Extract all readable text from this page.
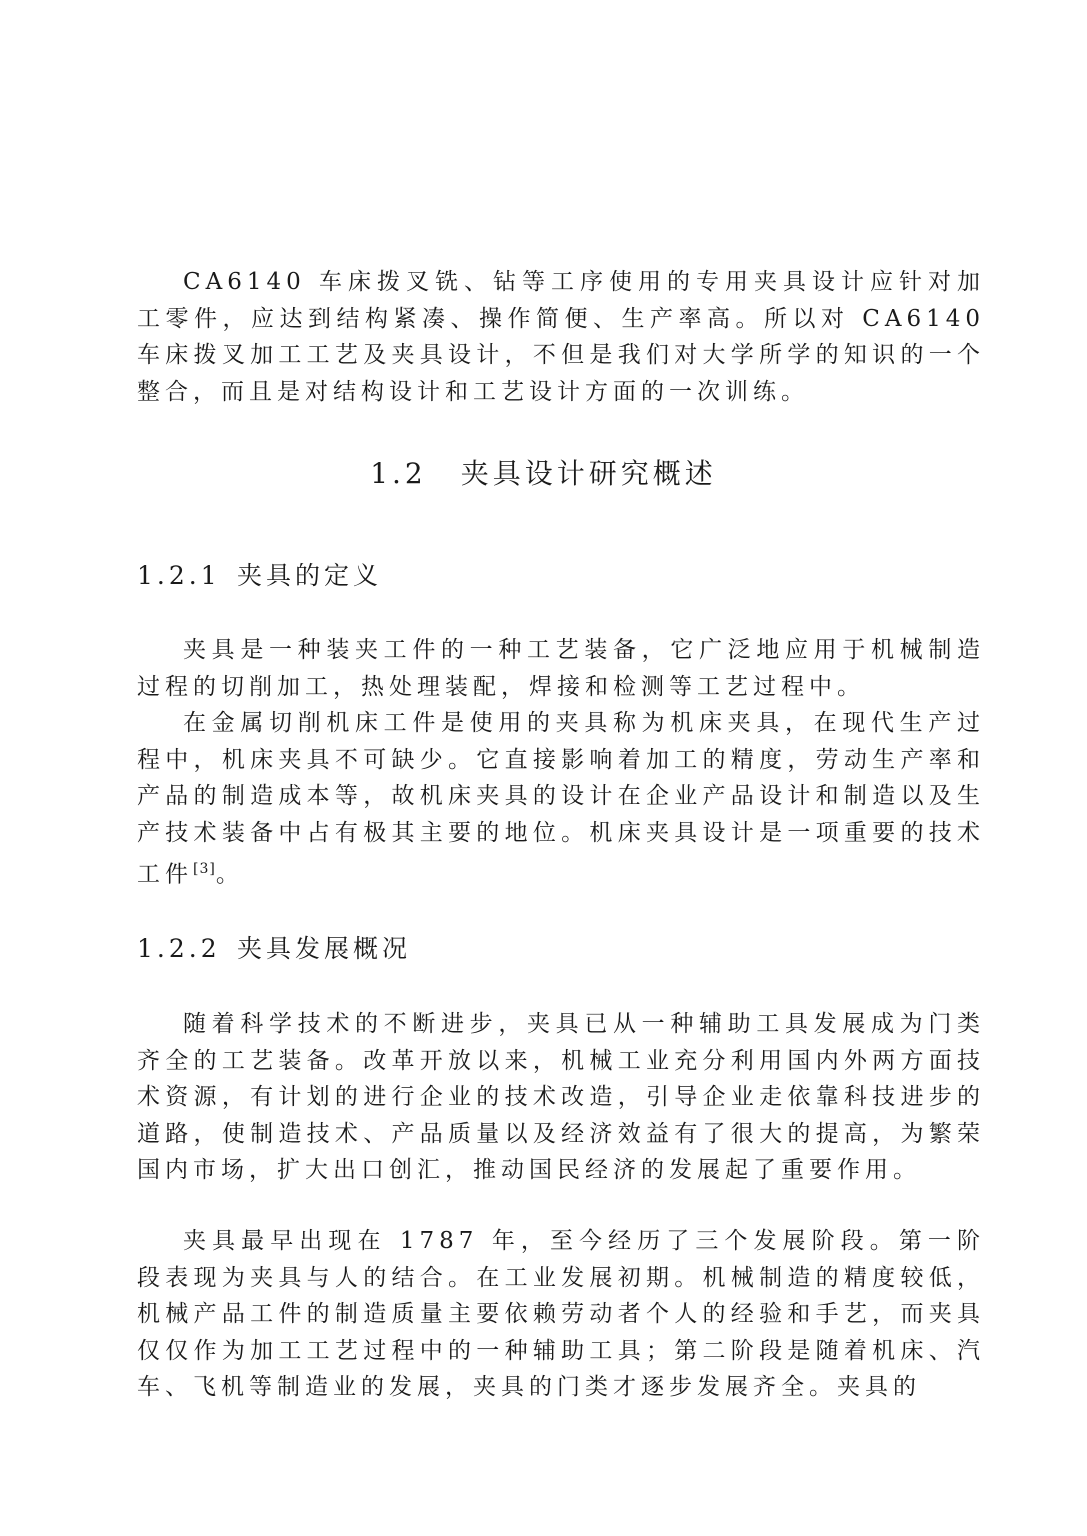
CA6140 车床拨叉铣、钻等工序使用的专用夹具设计应针对加工零件，应达到结构紧凑、操作简便、生产率高。所以对 CA6140 车床拨叉加工工艺及夹具设计，不但是我们对大学所学的知识的一个整合，而且是对结构设计和工艺设计方面的一次训练。

1.2 夹具设计研究概述
1.2.1 夹具的定义

夹具是一种装夹工件的一种工艺装备，它广泛地应用于机械制造过程的切削加工，热处理装配，焊接和检测等工艺过程中。

在金属切削机床工件是使用的夹具称为机床夹具，在现代生产过程中，机床夹具不可缺少。它直接影响着加工的精度，劳动生产率和产品的制造成本等，故机床夹具的设计在企业产品设计和制造以及生产技术装备中占有极其主要的地位。机床夹具设计是一项重要的技术工件[3]。

1.2.2 夹具发展概况

随着科学技术的不断进步，夹具已从一种辅助工具发展成为门类齐全的工艺装备。改革开放以来，机械工业充分利用国内外两方面技术资源，有计划的进行企业的技术改造，引导企业走依靠科技进步的道路，使制造技术、产品质量以及经济效益有了很大的提高，为繁荣国内市场，扩大出口创汇，推动国民经济的发展起了重要作用。

夹具最早出现在 1787 年，至今经历了三个发展阶段。第一阶段表现为夹具与人的结合。在工业发展初期。机械制造的精度较低，机械产品工件的制造质量主要依赖劳动者个人的经验和手艺，而夹具仅仅作为加工工艺过程中的一种辅助工具；第二阶段是随着机床、汽车、飞机等制造业的发展，夹具的门类才逐步发展齐全。夹具的
